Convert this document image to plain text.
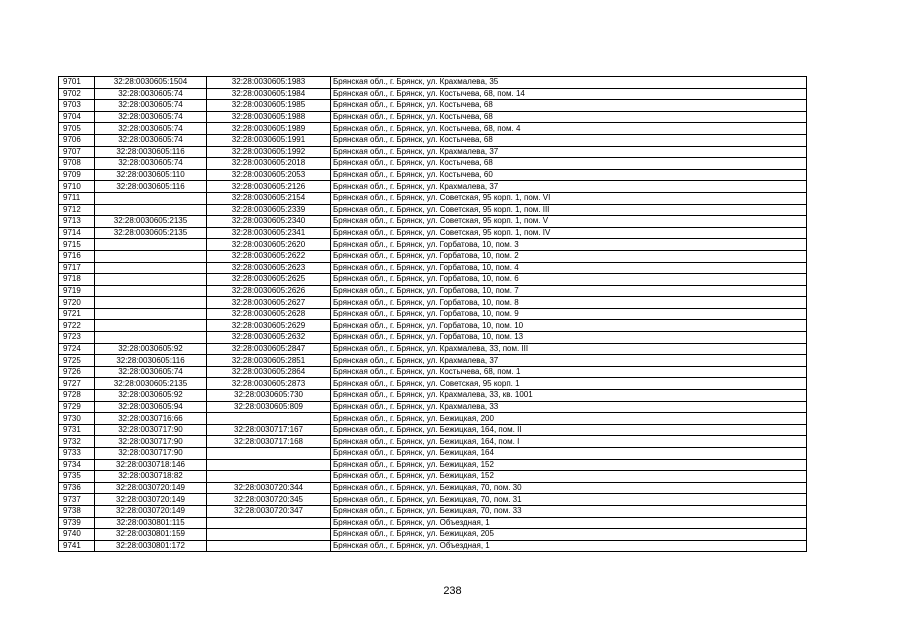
9701	32:28:0030605:1504	32:28:0030605:1983	Брянская обл., г. Брянск, ул. Крахмалева, 35
9702	32:28:0030605:74	32:28:0030605:1984	Брянская обл., г. Брянск, ул. Костычева, 68, пом. 14
9703	32:28:0030605:74	32:28:0030605:1985	Брянская обл., г. Брянск, ул. Костычева, 68
9704	32:28:0030605:74	32:28:0030605:1988	Брянская обл., г. Брянск, ул. Костычева, 68
9705	32:28:0030605:74	32:28:0030605:1989	Брянская обл., г. Брянск, ул. Костычева, 68, пом. 4
9706	32:28:0030605:74	32:28:0030605:1991	Брянская обл., г. Брянск, ул. Костычева, 68
9707	32:28:0030605:116	32:28:0030605:1992	Брянская обл., г. Брянск, ул. Крахмалева, 37
9708	32:28:0030605:74	32:28:0030605:2018	Брянская обл., г. Брянск, ул. Костычева, 68
9709	32:28:0030605:110	32:28:0030605:2053	Брянская обл., г. Брянск, ул. Костычева, 60
9710	32:28:0030605:116	32:28:0030605:2126	Брянская обл., г. Брянск, ул. Крахмалева, 37
9711		32:28:0030605:2154	Брянская обл., г. Брянск, ул. Советская, 95 корп. 1, пом. VI
9712		32:28:0030605:2339	Брянская обл., г. Брянск, ул. Советская, 95 корп. 1, пом. III
9713	32:28:0030605:2135	32:28:0030605:2340	Брянская обл., г. Брянск, ул. Советская, 95 корп. 1, пом. V
9714	32:28:0030605:2135	32:28:0030605:2341	Брянская обл., г. Брянск, ул. Советская, 95 корп. 1, пом. IV
9715		32:28:0030605:2620	Брянская обл., г. Брянск, ул. Горбатова, 10, пом. 3
9716		32:28:0030605:2622	Брянская обл., г. Брянск, ул. Горбатова, 10, пом. 2
9717		32:28:0030605:2623	Брянская обл., г. Брянск, ул. Горбатова, 10, пом. 4
9718		32:28:0030605:2625	Брянская обл., г. Брянск, ул. Горбатова, 10, пом. 6
9719		32:28:0030605:2626	Брянская обл., г. Брянск, ул. Горбатова, 10, пом. 7
9720		32:28:0030605:2627	Брянская обл., г. Брянск, ул. Горбатова, 10, пом. 8
9721		32:28:0030605:2628	Брянская обл., г. Брянск, ул. Горбатова, 10, пом. 9
9722		32:28:0030605:2629	Брянская обл., г. Брянск, ул. Горбатова, 10, пом. 10
9723		32:28:0030605:2632	Брянская обл., г. Брянск, ул. Горбатова, 10, пом. 13
9724	32:28:0030605:92	32:28:0030605:2847	Брянская обл., г. Брянск, ул. Крахмалева, 33, пом. III
9725	32:28:0030605:116	32:28:0030605:2851	Брянская обл., г. Брянск, ул. Крахмалева, 37
9726	32:28:0030605:74	32:28:0030605:2864	Брянская обл., г. Брянск, ул. Костычева, 68, пом. 1
9727	32:28:0030605:2135	32:28:0030605:2873	Брянская обл., г. Брянск, ул. Советская, 95 корп. 1
9728	32:28:0030605:92	32:28:0030605:730	Брянская обл., г. Брянск, ул. Крахмалева, 33, кв. 1001
9729	32:28:0030605:94	32:28:0030605:809	Брянская обл., г. Брянск, ул. Крахмалева, 33
9730	32:28:0030716:66		Брянская обл., г. Брянск, ул. Бежицкая, 200
9731	32:28:0030717:90	32:28:0030717:167	Брянская обл., г. Брянск, ул. Бежицкая, 164, пом. II
9732	32:28:0030717:90	32:28:0030717:168	Брянская обл., г. Брянск, ул. Бежицкая, 164, пом. I
9733	32:28:0030717:90		Брянская обл., г. Брянск, ул. Бежицкая, 164
9734	32:28:0030718:146		Брянская обл., г. Брянск, ул. Бежицкая, 152
9735	32:28:0030718:82		Брянская обл., г. Брянск, ул. Бежицкая, 152
9736	32:28:0030720:149	32:28:0030720:344	Брянская обл., г. Брянск, ул. Бежицкая, 70, пом. 30
9737	32:28:0030720:149	32:28:0030720:345	Брянская обл., г. Брянск, ул. Бежицкая, 70, пом. 31
9738	32:28:0030720:149	32:28:0030720:347	Брянская обл., г. Брянск, ул. Бежицкая, 70, пом. 33
9739	32:28:0030801:115		Брянская обл., г. Брянск, ул. Объездная, 1
9740	32:28:0030801:159		Брянская обл., г. Брянск, ул. Бежицкая, 205
9741	32:28:0030801:172		Брянская обл., г. Брянск, ул. Объездная, 1
238
